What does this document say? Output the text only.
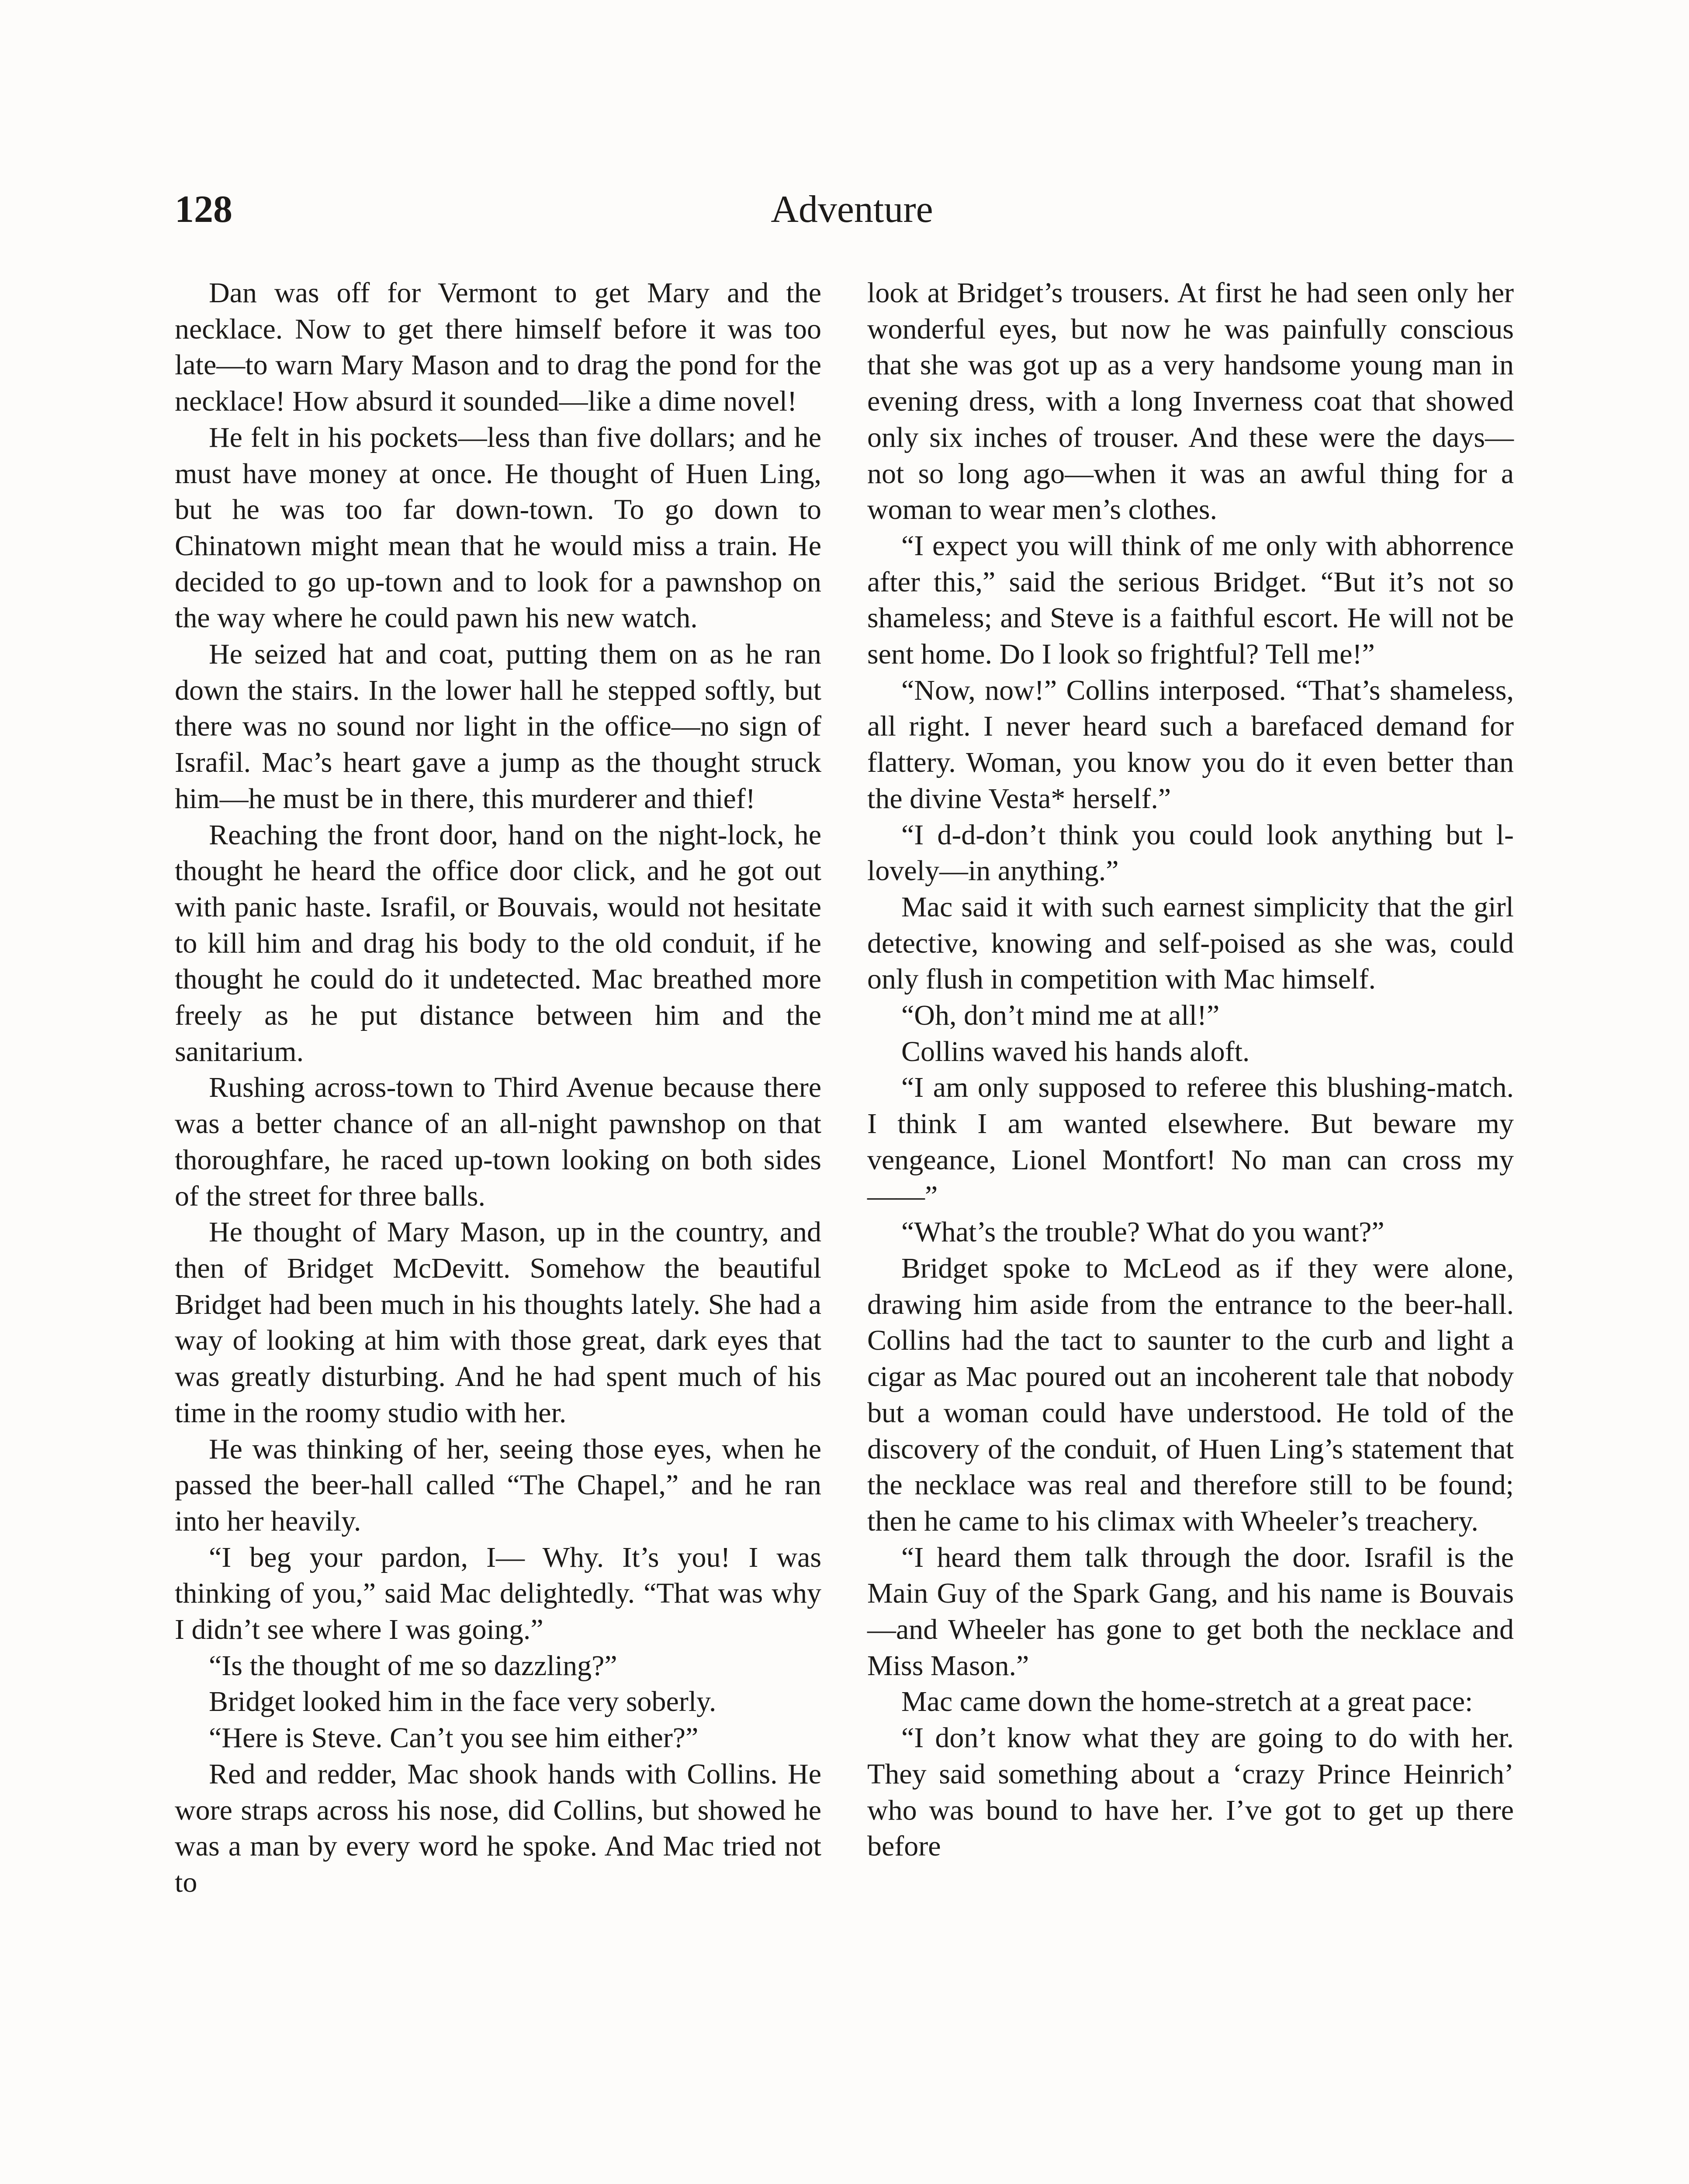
128	Adventure

Dan was off for Vermont to get Mary and the necklace. Now to get there himself before it was too late—to warn Mary Mason and to drag the pond for the necklace! How absurd it sounded—like a dime novel!

He felt in his pockets—less than five dollars; and he must have money at once. He thought of Huen Ling, but he was too far down-town. To go down to Chinatown might mean that he would miss a train. He decided to go up-town and to look for a pawnshop on the way where he could pawn his new watch.

He seized hat and coat, putting them on as he ran down the stairs. In the lower hall he stepped softly, but there was no sound nor light in the office—no sign of Israfil. Mac’s heart gave a jump as the thought struck him—he must be in there, this murderer and thief!

Reaching the front door, hand on the night-lock, he thought he heard the office door click, and he got out with panic haste. Israfil, or Bouvais, would not hesitate to kill him and drag his body to the old conduit, if he thought he could do it undetected. Mac breathed more freely as he put distance between him and the sanitarium.

Rushing across-town to Third Avenue because there was a better chance of an all-night pawnshop on that thoroughfare, he raced up-town looking on both sides of the street for three balls.

He thought of Mary Mason, up in the country, and then of Bridget McDevitt. Somehow the beautiful Bridget had been much in his thoughts lately. She had a way of looking at him with those great, dark eyes that was greatly disturbing. And he had spent much of his time in the roomy studio with her.

He was thinking of her, seeing those eyes, when he passed the beer-hall called “The Chapel,” and he ran into her heavily.

“I beg your pardon, I— Why. It’s you! I was thinking of you,” said Mac delightedly. “That was why I didn’t see where I was going.”

“Is the thought of me so dazzling?”

Bridget looked him in the face very soberly.

“Here is Steve. Can’t you see him either?”

Red and redder, Mac shook hands with Collins. He wore straps across his nose, did Collins, but showed he was a man by every word he spoke. And Mac tried not to

look at Bridget’s trousers. At first he had seen only her wonderful eyes, but now he was painfully conscious that she was got up as a very handsome young man in evening dress, with a long Inverness coat that showed only six inches of trouser. And these were the days—not so long ago—when it was an awful thing for a woman to wear men’s clothes.

“I expect you will think of me only with abhorrence after this,” said the serious Bridget. “But it’s not so shameless; and Steve is a faithful escort. He will not be sent home. Do I look so frightful? Tell me!”

“Now, now!” Collins interposed. “That’s shameless, all right. I never heard such a barefaced demand for flattery. Woman, you know you do it even better than the divine Vesta* herself.”

“I d-d-don’t think you could look anything but l-lovely—in anything.”

Mac said it with such earnest simplicity that the girl detective, knowing and self-poised as she was, could only flush in competition with Mac himself.

“Oh, don’t mind me at all!”

Collins waved his hands aloft.

“I am only supposed to referee this blushing-match. I think I am wanted elsewhere. But beware my vengeance, Lionel Montfort! No man can cross my——”

“What’s the trouble? What do you want?”

Bridget spoke to McLeod as if they were alone, drawing him aside from the entrance to the beer-hall. Collins had the tact to saunter to the curb and light a cigar as Mac poured out an incoherent tale that nobody but a woman could have understood. He told of the discovery of the conduit, of Huen Ling’s statement that the necklace was real and therefore still to be found; then he came to his climax with Wheeler’s treachery.

“I heard them talk through the door. Israfil is the Main Guy of the Spark Gang, and his name is Bouvais—and Wheeler has gone to get both the necklace and Miss Mason.”

Mac came down the home-stretch at a great pace:

“I don’t know what they are going to do with her. They said something about a ‘crazy Prince Heinrich’ who was bound to have her. I’ve got to get up there before
